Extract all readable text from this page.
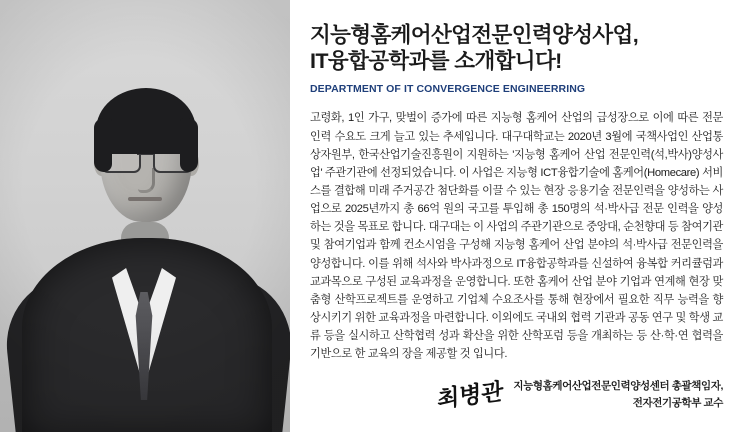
지능형홈케어산업전문인력양성사업,
IT융합공학과를 소개합니다!
DEPARTMENT OF IT CONVERGENCE ENGINEERRING
고령화, 1인 가구, 맞벌이 증가에 따른 지능형 홈케어 산업의 급성장으로 이에 따른 전문 인력 수요도 크게 늘고 있는 추세입니다. 대구대학교는 2020년 3월에 국책사업인 산업통상자원부, 한국산업기술진흥원이 지원하는 '지능형 홈케어 산업 전문인력(석,박사)양성사업' 주관기관에 선정되었습니다. 이 사업은 지능형 ICT융합기술에 홈케어(Homecare) 서비스를 결합해 미래 주거공간 첨단화를 이끌 수 있는 현장 응용기술 전문인력을 양성하는 사업으로 2025년까지 총 66억 원의 국고를 투입해 총 150명의 석·박사급 전문 인력을 양성하는 것을 목표로 합니다. 대구대는 이 사업의 주관기관으로 중앙대, 순천향대 등 참여기관 및 참여기업과 함께 컨소시엄을 구성해 지능형 홈케어 산업 분야의 석·박사급 전문인력을 양성합니다. 이를 위해 석사와 박사과정으로 IT융합공학과를 신설하여 융복합 커리큘럼과 교과목으로 구성된 교육과정을 운영합니다. 또한 홈케어 산업 분야 기업과 연계해 현장 맞춤형 산학프로젝트를 운영하고 기업체 수요조사를 통해 현장에서 필요한 직무 능력을 향상시키기 위한 교육과정을 마련합니다. 이외에도 국내외 협력 기관과 공동 연구 및 학생 교류 등을 실시하고 산학협력 성과 확산을 위한 산학포럼 등을 개최하는 등 산·학·연 협력을 기반으로 한 교육의 장을 제공할 것 입니다.
최병관 지능형홈케어산업전문인력양성센터 총괄책임자,
전자전기공학부 교수
